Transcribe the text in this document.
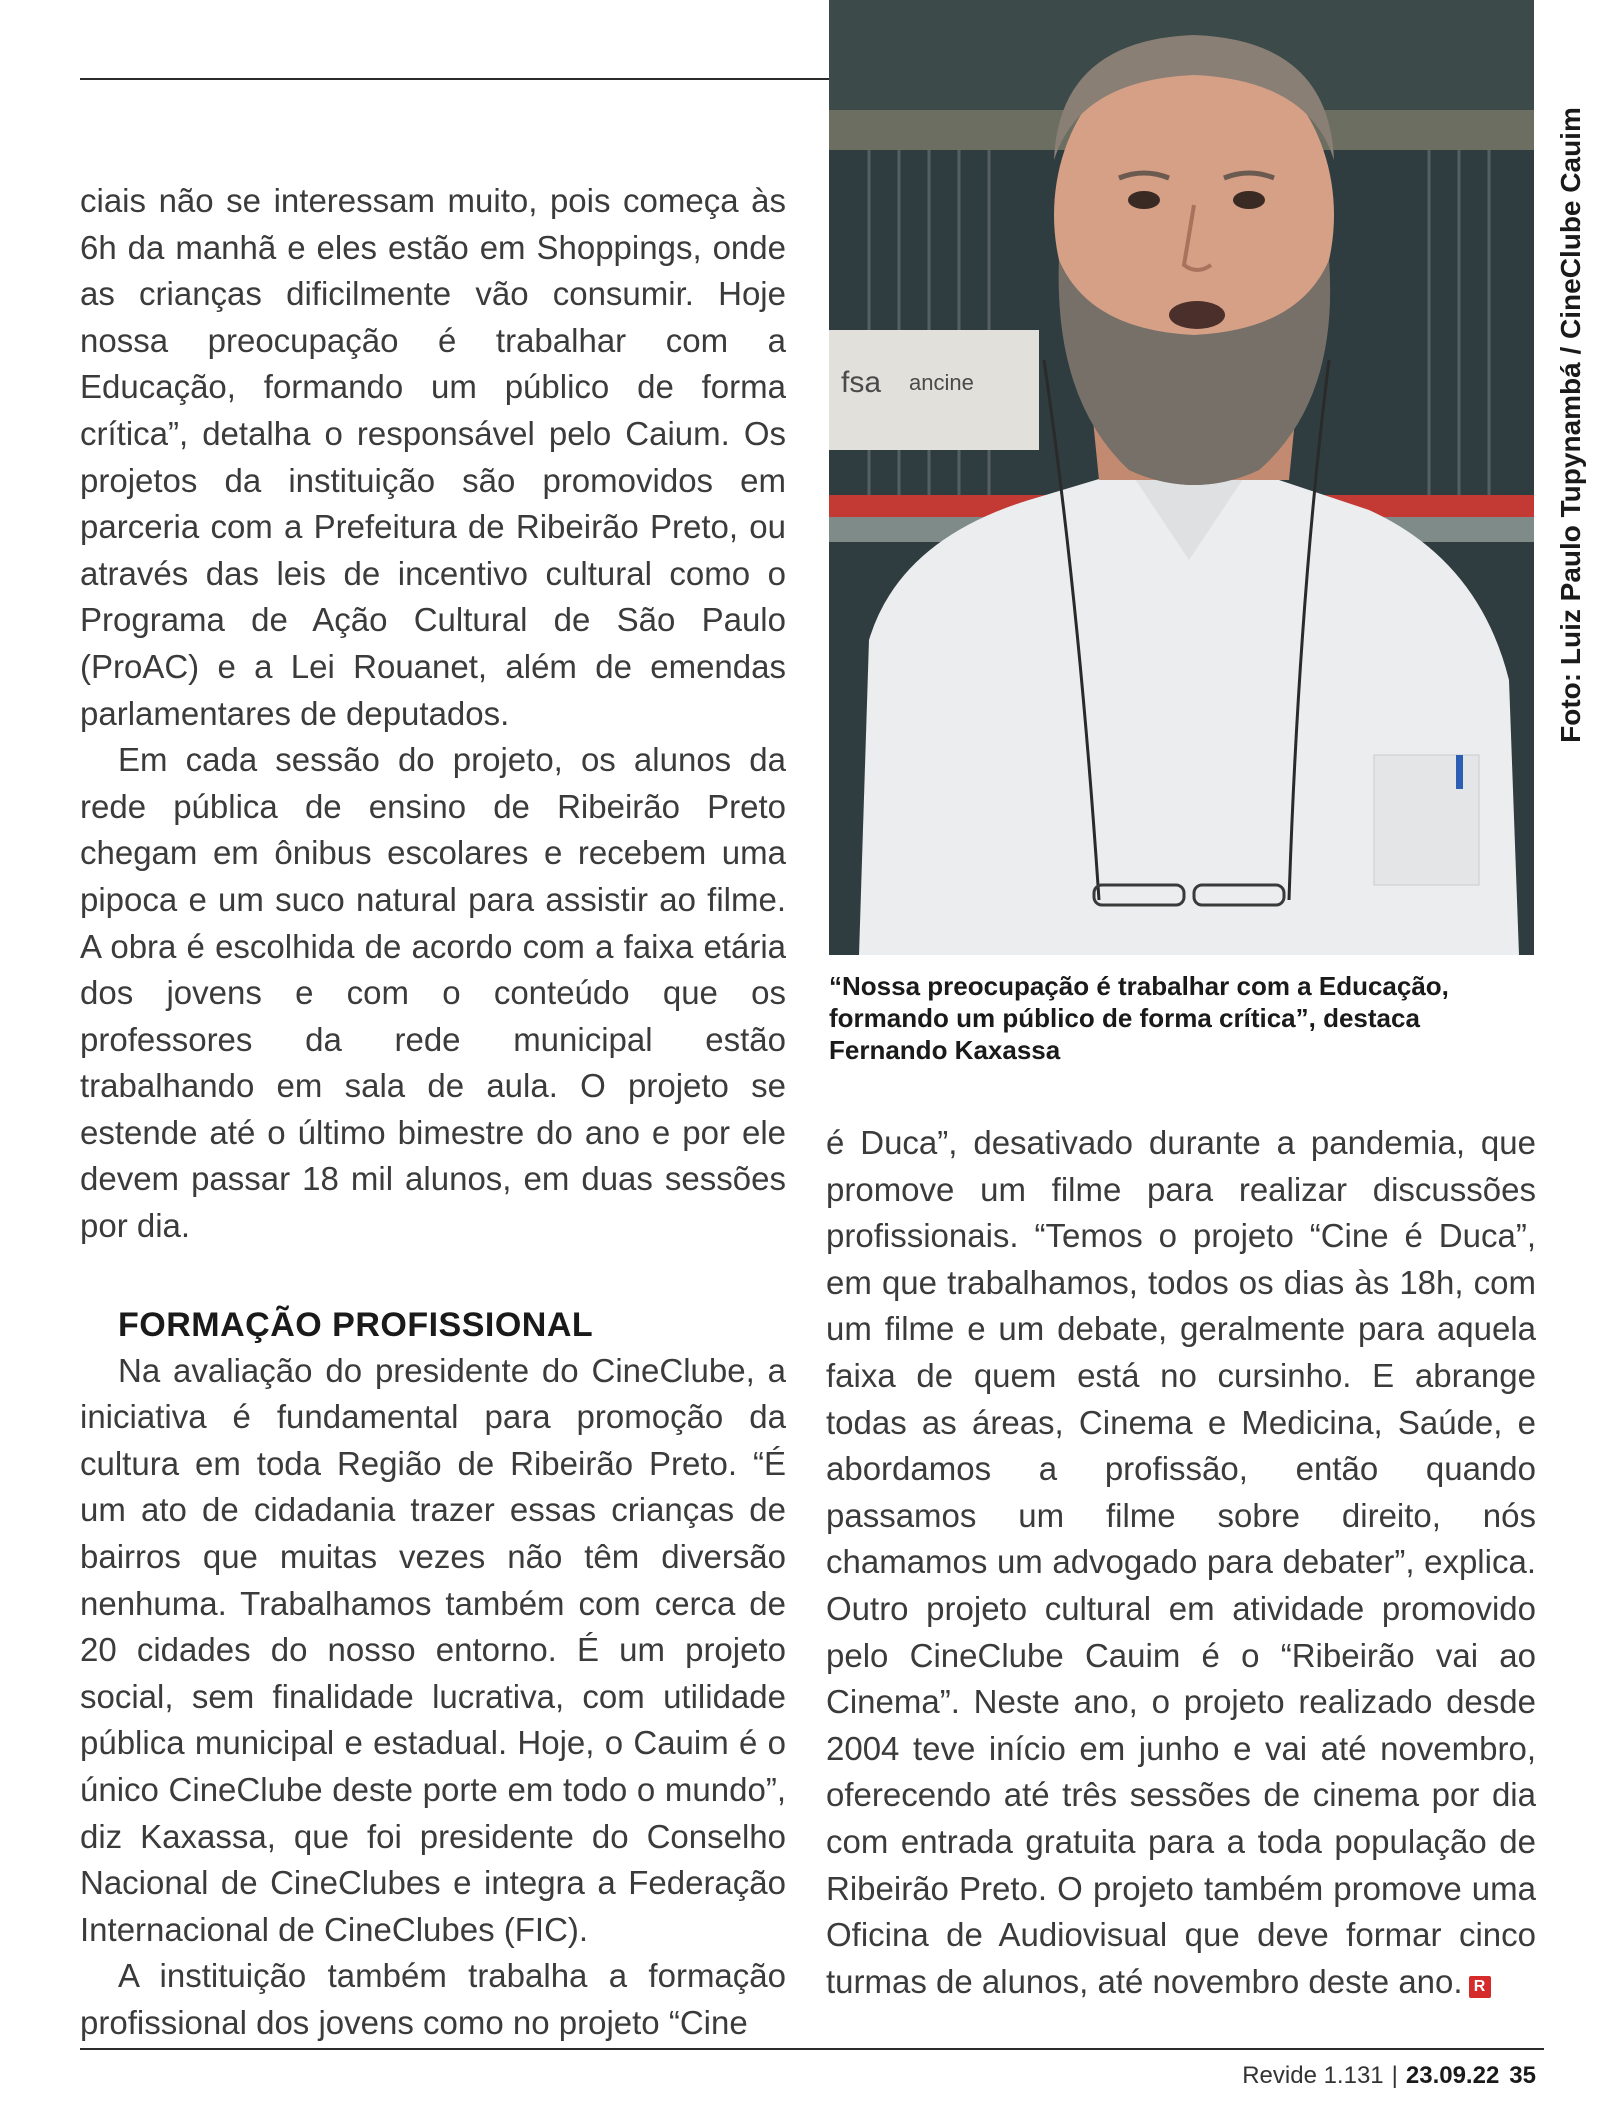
ciais não se interessam muito, pois começa às 6h da manhã e eles estão em Shoppings, onde as crianças dificilmente vão consumir. Hoje nossa preocupação é trabalhar com a Educação, formando um público de forma crítica”, detalha o responsável pelo Caium. Os projetos da instituição são promovidos em parceria com a Prefeitura de Ribeirão Preto, ou através das leis de incentivo cultural como o Programa de Ação Cultural de São Paulo (ProAC) e a Lei Rouanet, além de emendas parlamentares de deputados.

Em cada sessão do projeto, os alunos da rede pública de ensino de Ribeirão Preto chegam em ônibus escolares e recebem uma pipoca e um suco natural para assistir ao filme. A obra é escolhida de acordo com a faixa etária dos jovens e com o conteúdo que os professores da rede municipal estão trabalhando em sala de aula. O projeto se estende até o último bimestre do ano e por ele devem passar 18 mil alunos, em duas sessões por dia.

FORMAÇÃO PROFISSIONAL

Na avaliação do presidente do CineClube, a iniciativa é fundamental para promoção da cultura em toda Região de Ribeirão Preto. “É um ato de cidadania trazer essas crianças de bairros que muitas vezes não têm diversão nenhuma. Trabalhamos também com cerca de 20 cidades do nosso entorno. É um projeto social, sem finalidade lucrativa, com utilidade pública municipal e estadual. Hoje, o Cauim é o único CineClube deste porte em todo o mundo”, diz Kaxassa, que foi presidente do Conselho Nacional de CineClubes e integra a Federação Internacional de CineClubes (FIC).

A instituição também trabalha a formação profissional dos jovens como no projeto “Cine

fsa ancine	Foto: Luiz Paulo Tupynambá / CineClube Cauim
“Nossa preocupação é trabalhar com a Educação, formando um público de forma crítica”, destaca Fernando Kaxassa

é Duca”, desativado durante a pandemia, que promove um filme para realizar discussões profissionais. “Temos o projeto “Cine é Duca”, em que trabalhamos, todos os dias às 18h, com um filme e um debate, geralmente para aquela faixa de quem está no cursinho. E abrange todas as áreas, Cinema e Medicina, Saúde, e abordamos a profissão, então quando passamos um filme sobre direito, nós chamamos um advogado para debater”, explica. Outro projeto cultural em atividade promovido pelo CineClube Cauim é o “Ribeirão vai ao Cinema”. Neste ano, o projeto realizado desde 2004 teve início em junho e vai até novembro, oferecendo até três sessões de cinema por dia com entrada gratuita para a toda população de Ribeirão Preto. O projeto também promove uma Oficina de Audiovisual que deve formar cinco turmas de alunos, até novembro deste ano. R

Revide 1.131 | 23.09.22 35
